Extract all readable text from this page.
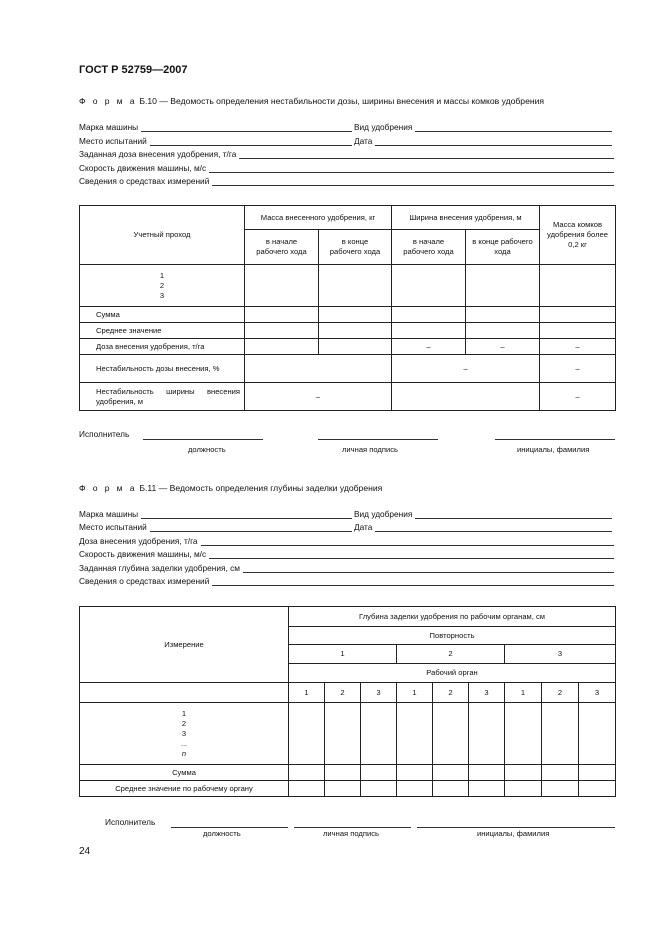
ГОСТ Р 52759—2007
Ф о р м а Б.10 — Ведомость определения нестабильности дозы, ширины внесения и массы комков удобрения
Марка машины	Вид удобрения
Место испытаний	Дата
Заданная доза внесения удобрения, т/га
Скорость движения машины, м/с
Сведения о средствах измерений
Учетный проход	Масса внесенного удобрения, кг		Ширина внесения удобрения, м		Масса комков удобрения более 0,2 кг
	в начале рабочего хода	в конце рабочего хода	в начале рабочего хода	в конце рабочего хода	

1
2
3					

Сумма					
Среднее значение					
Доза внесения удобрения, т/га			–	–	–
Нестабильность дозы внесения, %			–		–
Нестабильность ширины внесения удобрения, м	–				–
Исполнитель
должность	личная подпись	инициалы, фамилия
Ф о р м а Б.11 — Ведомость определения глубины заделки удобрения
Марка машины	Вид удобрения
Место испытаний	Дата
Доза внесения удобрения, т/га
Скорость движения машины, м/с
Заданная глубина заделки удобрения, см
Сведения о средствах измерений
Измерение	Глубина заделки удобрения по рабочим органам, см								
	Повторность								
	1			2			3		
	Рабочий орган								
	1	2	3	1	2	3	1	2	3

1
2
3
...
n									

Сумма									
Среднее значение по рабочему органу									
Исполнитель
должность	личная подпись	инициалы, фамилия
24
